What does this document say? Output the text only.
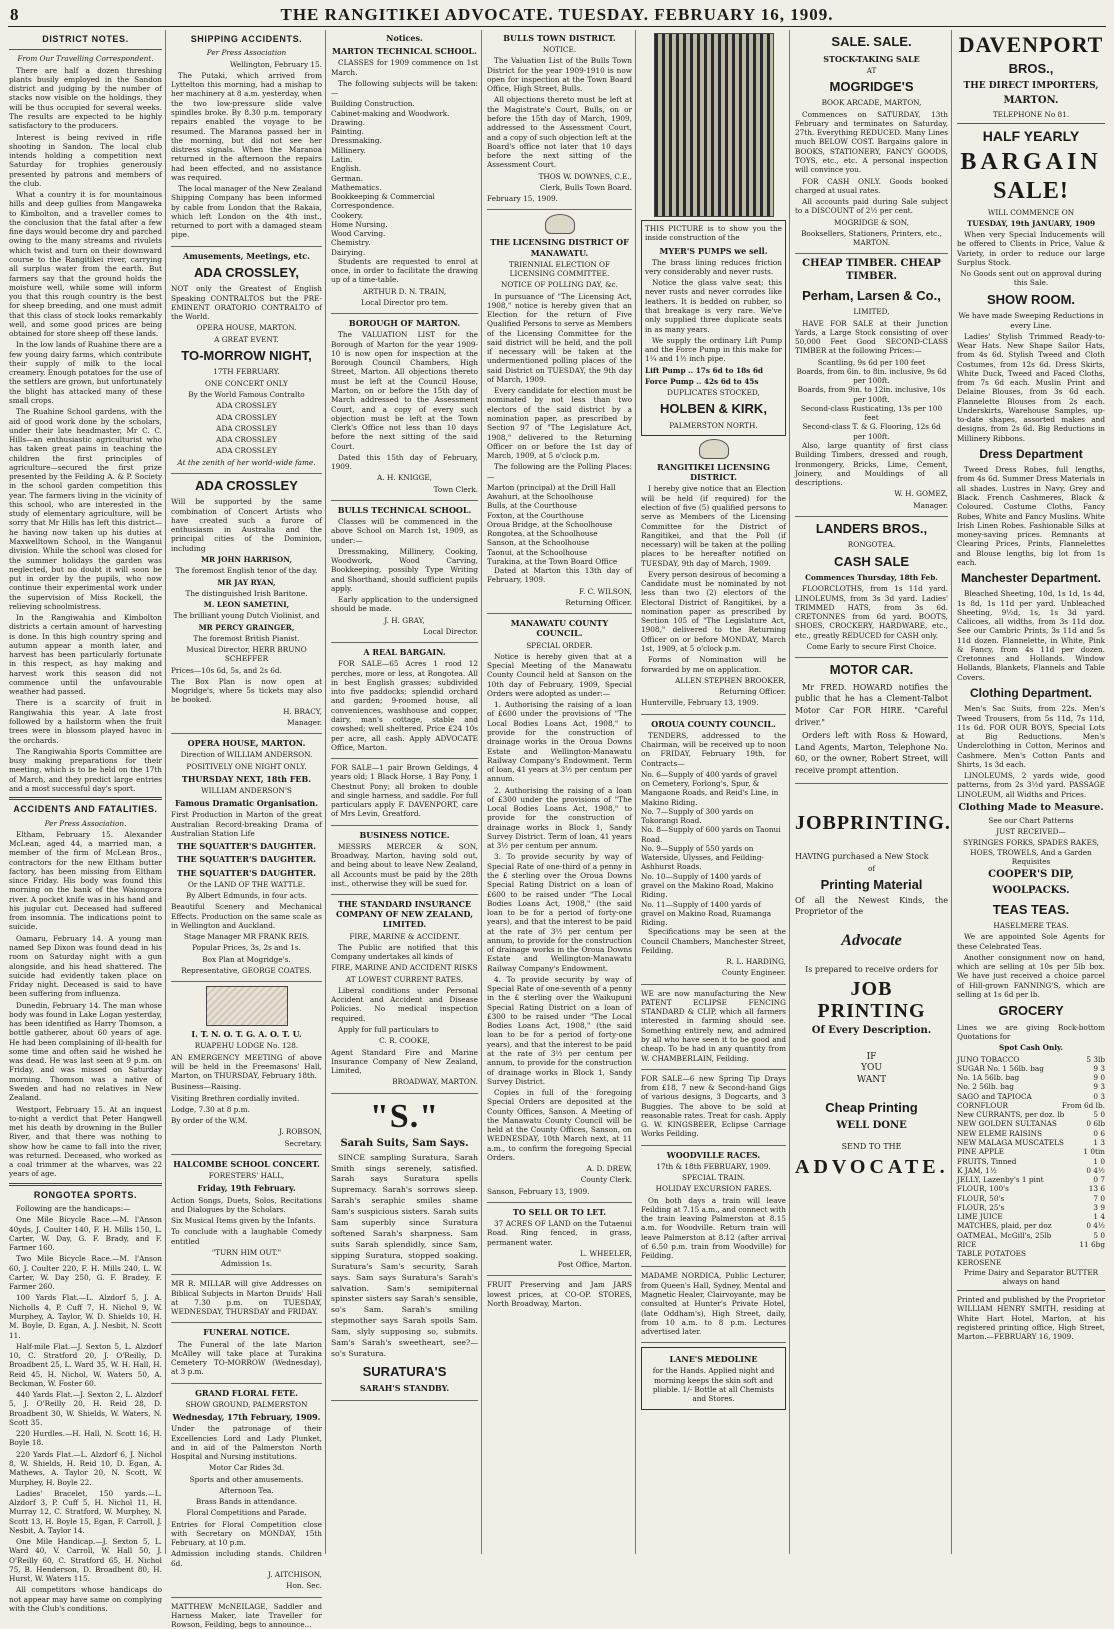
8	THE RANGITIKEI ADVOCATE. TUESDAY. FEBRUARY 16, 1909.
DISTRICT NOTES.

From Our Travelling Correspondent.

There are half a dozen threshing plants busily employed in the Sandon district and judging by the number of stacks now visible on the holdings, they will be thus occupied for several weeks. The results are expected to be highly satisfactory to the producers.

Interest is being revived in rifle shooting in Sandon. The local club intends holding a competition next Saturday for trophies generously presented by patrons and members of the club.

What a country it is for mountainous hills and deep gullies from Mangaweka to Kimbolton, and a traveller comes to the conclusion that the fatal after a few fine days would become dry and parched owing to the many streams and rivulets which twist and turn on their downward course to the Rangitikei river, carrying all surplus water from the earth. But farmers say that the ground holds the moisture well, while some will inform you that this rough country is the best for sheep breeding, and one must admit that this class of stock looks remarkably well, and some good prices are being obtained for store sheep off these lands.

In the low lands of Ruahine there are a few young dairy farms, which contribute their supply of milk to the local creamery. Enough potatoes for the use of the settlers are grown, but unfortunately the blight has attacked many of these small crops.

The Ruahine School gardens, with the aid of good work done by the scholars, under their late headmaster, Mr C. C. Hills—an enthusiastic agriculturist who has taken great pains in teaching the children the first principles of agriculture—secured the first prize presented by the Feilding A. & P. Society in the school garden competition this year. The farmers living in the vicinity of this school, who are interested in the study of elementary agriculture, will be sorry that Mr Hills has left this district—he having now taken up his duties at Maxwelltown School, in the Wanganui division. While the school was closed for the summer holidays the garden was neglected, but no doubt it will soon be put in order by the pupils, who now continue their experimental work under the supervision of Miss Rockell, the relieving schoolmistress.

In the Rangiwahia and Kimbolton districts a certain amount of harvesting is done. In this high country spring and autumn appear a month later, and harvest has been particularly fortunate in this respect, as hay making and harvest work this season did not commence until the unfavourable weather had passed.

There is a scarcity of fruit in Rangiwahia this year. A late frost followed by a hailstorm when the fruit trees were in blossom played havoc in the orchards.

The Rangiwahia Sports Committee are busy making preparations for their meeting, which is to be held on the 17th of March, and they predict large entries and a most successful day's sport.

ACCIDENTS AND FATALITIES.

Per Press Association.

Eltham, February 15. Alexander McLean, aged 44, a married man, a member of the firm of McLean Bros., contractors for the new Eltham butter factory, has been missing from Eltham since Friday. His body was found this morning on the bank of the Waiongora river. A pocket knife was in his hand and his jugular cut. Deceased had suffered from insomnia. The indications point to suicide.

Oamaru, February 14. A young man named Sep Dixon was found dead in his room on Saturday night with a gun alongside, and his head shattered. The suicide had evidently taken place on Friday night. Deceased is said to have been suffering from influenza.

Dunedin, February 14. The man whose body was found in Lake Logan yesterday, has been identified as Harry Thomson, a bottle gatherer, about 60 years of age. He had been complaining of ill-health for some time and often said he wished he was dead. He was last seen at 9 p.m. on Friday, and was missed on Saturday morning. Thomson was a native of Sweden and had no relatives in New Zealand.

Westport, February 15. At an inquest to-night a verdict that Peter Hangwell met his death by drowning in the Buller River, and that there was nothing to show how he came to fall into the river, was returned. Deceased, who worked as a coal trimmer at the wharves, was 22 years of age.

RONGOTEA SPORTS.

Following are the handicaps:—

One Mile Bicycle Race.—M. l'Anson 40yds, J. Coulter 140, F. H. Mills 150, L. Carter, W. Day, G. F. Brady, and F. Farmer 160.

Two Mile Bicycle Race.—M. l'Anson 60, J. Coulter 220, F. H. Mills 240, L. W. Carter, W. Day 250, G. F. Bradey, F. Farmer 260.

100 Yards Flat.—L. Alzdorf 5, J. A. Nicholls 4, P. Cuff 7, H. Nichol 9, W. Murphey, A. Taylor, W. D. Shields 10, H. M. Boyle, D. Egan, A. J. Nesbit, N. Scott 11.

Half-mile Flat.—J. Sexton 5, L. Alzdorf 10, C. Stratford 20, J. O'Reilly, D. Broadbent 25, L. Ward 35, W. H. Hall, H. Reid 45, H. Nichol, W. Waters 50, A. Beckman, W. Foster 60.

440 Yards Flat.—J. Sexton 2, L. Alzdorf 5, J. O'Reilly 20, H. Reid 28, D. Broadbent 30, W. Shields, W. Waters, N. Scott 35.

220 Hurdles.—H. Hall, N. Scott 16, H. Boyle 18.

220 Yards Flat.—L. Alzdorf 6, J. Nichol 8, W. Shields, H. Reid 10, D. Egan, A. Mathews, A. Taylor 20, N. Scott, W. Murphey, H. Boyle 22.

Ladies' Bracelet, 150 yards.—L. Alzdorf 3, P. Cuff 5, H. Nichol 11, H. Murray 12, C. Stratford, W. Murphey, N. Scott 13, H. Boyle 15, Egan, F. Carroll, J. Nesbit, A. Taylor 14.

One Mile Handicap.—J. Sexton 5, L. Ward 40, V. Carroll, W. Hall 50, J. O'Reilly 60, C. Stratford 65, H. Nichol 75, B. Henderson, D. Broadbent 80, H. Hurst, W. Waters 115.

All competitors whose handicaps do not appear may have same on complying with the Club's conditions.

SHIPPING ACCIDENTS.

Per Press Association

Wellington, February 15.

The Putaki, which arrived from Lyttelton this morning, had a mishap to her machinery at 8 a.m. yesterday, when the two low-pressure slide valve spindles broke. By 8.30 p.m. temporary repairs enabled the voyage to be resumed. The Maranoa passed her in the morning, but did not see her distress signals. When the Maranoa returned in the afternoon the repairs had been effected, and no assistance was required.

The local manager of the New Zealand Shipping Company has been informed by cable from London that the Rakaia, which left London on the 4th inst., returned to port with a damaged steam pipe.

Amusements, Meetings, etc.
ADA CROSSLEY,

NOT only the Greatest of English Speaking CONTRALTOS but the PRE-EMINENT ORATORIO CONTRALTO of the World.

OPERA HOUSE, MARTON.

A GREAT EVENT.

TO-MORROW NIGHT,

17TH FEBRUARY.

ONE CONCERT ONLY

By the World Famous Contralto

ADA CROSSLEY

ADA CROSSLEY

ADA CROSSLEY

ADA CROSSLEY

ADA CROSSLEY

At the zenith of her world-wide fame.

ADA CROSSLEY

Will be supported by the same combination of Concert Artists who have created such a furore of enthusiasm in Australia and the principal cities of the Dominion, including

MR JOHN HARRISON,

The foremost English tenor of the day.

MR JAY RYAN,

The distinguished Irish Baritone.

M. LEON SAMETINI,

The brilliant young Dutch Violinist, and

MR PERCY GRAINGER,

The foremost British Pianist.

Musical Director, HERR BRUNO SCHEFFER

Prices—10s 6d, 5s, and 2s 6d.

The Box Plan is now open at Mogridge's, where 5s tickets may also be booked.

H. BRACY,

Manager.

OPERA HOUSE, MARTON.

Direction of WILLIAM ANDERSON.

POSITIVELY ONE NIGHT ONLY.

THURSDAY NEXT, 18th FEB.

WILLIAM ANDERSON'S

Famous Dramatic Organisation.

First Production in Marton of the great Australian Record-breaking Drama of Australian Station Life

THE SQUATTER'S DAUGHTER.
THE SQUATTER'S DAUGHTER.
THE SQUATTER'S DAUGHTER.

Or the LAND OF THE WATTLE.

By Albert Edmunds, in four acts.

Beautiful Scenery and Mechanical Effects. Production on the same scale as in Wellington and Auckland.

Stage Manager MR FRANK REIS.

Popular Prices, 3s, 2s and 1s.

Box Plan at Mogridge's.

Representative, GEORGE COATES.

I. T. N. O. T. G. A. O. T. U.

RUAPEHU LODGE No. 128.

AN EMERGENCY MEETING of above will be held in the Freemasons' Hall, Marton, on THURSDAY, February 18th.

Business—Raising.

Visiting Brethren cordially invited.

Lodge, 7.30 at 8 p.m.

By order of the W.M.

J. ROBSON,

Secretary.

HALCOMBE SCHOOL CONCERT.

FORESTERS' HALL,

Friday, 19th February.

Action Songs, Duets, Solos, Recitations and Dialogues by the Scholars.

Six Musical Items given by the Infants.

To conclude with a laughable Comedy entitled

"TURN HIM OUT."

Admission 1s.

MR R. MILLAR will give Addresses on Biblical Subjects in Marton Druids' Hall at 7.30 p.m. on TUESDAY, WEDNESDAY, THURSDAY and FRIDAY.

FUNERAL NOTICE.

The Funeral of the late Marion McAlley will take place at Turakina Cemetery TO-MORROW (Wednesday), at 3 p.m.

GRAND FLORAL FETE.

SHOW GROUND, PALMERSTON

Wednesday, 17th February, 1909.

Under the patronage of their Excellencies Lord and Lady Plunket, and in aid of the Palmerston North Hospital and Nursing institutions.

Motor Car Rides 3d.

Sports and other amusements.

Afternoon Tea.

Brass Bands in attendance.

Floral Competitions and Parade.

Entries for Floral Competition close with Secretary on MONDAY, 15th February, at 10 p.m.

Admission including stands. Children 6d.

J. AITCHISON,

Hon. Sec.

MATTHEW McNEILAGE, Saddler and Harness Maker, late Traveller for Rowson, Feilding, begs to announce...

Notices.
MARTON TECHNICAL SCHOOL.

CLASSES for 1909 commence on 1st March.

The following subjects will be taken:—

Building Construction.
Cabinet-making and Woodwork.
Drawing.
Painting.
Dressmaking.
Millinery.
Latin.
English.
German.
Mathematics.
Bookkeeping & Commercial Correspondence.
Cookery.
Home Nursing.
Wood Carving.
Chemistry.
Dairying.

Students are requested to enrol at once, in order to facilitate the drawing up of a time-table.

ARTHUR D. N. TRAIN,

Local Director pro tem.

BOROUGH OF MARTON.

The VALUATION LIST for the Borough of Marton for the year 1909-10 is now open for inspection at the Borough Council Chambers, High Street, Marton. All objections thereto must be left at the Council House, Marton, on or before the 15th day of March addressed to the Assessment Court, and a copy of every such objection must be left at the Town Clerk's Office not less than 10 days before the next sitting of the said Court.

Dated this 15th day of February, 1909.

A. H. KNIGGE,

Town Clerk.

BULLS TECHNICAL SCHOOL.

Classes will be commenced in the above School on March 1st, 1909, as under:—

Dressmaking, Millinery, Cooking, Woodwork, Wood Carving, Bookkeeping, possibly Type Writing and Shorthand, should sufficient pupils apply.

Early application to the undersigned should be made.

J. H. GRAY,

Local Director.

A REAL BARGAIN.

FOR SALE—65 Acres 1 rood 12 perches, more or less, at Rongotea. All in best English grasses; subdivided into five paddocks; splendid orchard and garden; 9-roomed house, all conveniences, washhouse and copper, dairy, man's cottage, stable and cowshed; well sheltered. Price £24 10s per acre, all cash. Apply ADVOCATE Office, Marton.

FOR SALE—1 pair Brown Geldings, 4 years old; 1 Black Horse, 1 Bay Pony, 1 Chestnut Pony; all broken to double and single harness, and saddle. For full particulars apply F. DAVENPORT, care of Mrs Levin, Greatford.

BUSINESS NOTICE.

MESSRS MERCER & SON, Broadway, Marton, having sold out, and being about to leave New Zealand, all Accounts must be paid by the 28th inst., otherwise they will be sued for.

THE STANDARD INSURANCE COMPANY OF NEW ZEALAND, LIMITED.

FIRE, MARINE & ACCIDENT.

The Public are notified that this Company undertakes all kinds of

FIRE, MARINE AND ACCIDENT RISKS

AT LOWEST CURRENT RATES.

Liberal conditions under Personal Accident and Accident and Disease Policies. No medical inspection required.

Apply for full particulars to

C. R. COOKE,

Agent Standard Fire and Marine Insurance Company of New Zealand, Limited,

BROADWAY, MARTON.

"S."
Sarah Suits, Sam Says.

SINCE sampling Suratura, Sarah Smith sings serenely, satisfied. Sarah says Suratura spells Supremacy. Sarah's sorrows sleep. Sarah's seraphic smiles shame Sam's suspicious sisters. Sarah suits Sam superbly since Suratura softened Sarah's sharpness. Sam suits Sarah splendidly, since Sam, sipping Suratura, stopped soaking. Suratura's Sam's security, Sarah says. Sam says Suratura's Sarah's salvation. Sam's semipiternal spinster sisters say Sarah's sensible, so's Sam. Sarah's smiling stepmother says Sarah spoils Sam. Sam, slyly supposing so, submits. Sam's Sarah's sweetheart, see?—so's Suratura.

SURATURA'S
SARAH'S STANDBY.
BULLS TOWN DISTRICT.

NOTICE.

The Valuation List of the Bulls Town District for the year 1909-1910 is now open for inspection at the Town Board Office, High Street, Bulls.

All objections thereto must be left at the Magistrate's Court, Bulls, on or before the 15th day of March, 1909, addressed to the Assessment Court, and a copy of such objection left at the Board's office not later that 10 days before the next sitting of the Assessment Court.

THOS W. DOWNES, C.E.,

Clerk, Bulls Town Board.

February 15, 1909.

THE LICENSING DISTRICT OF MANAWATU.

TRIENNIAL ELECTION OF LICENSING COMMITTEE.

NOTICE OF POLLING DAY, &c.

In pursuance of "The Licensing Act, 1908," notice is hereby given that an Election for the return of Five Qualified Persons to serve as Members of the Licensing Committee for the said district will be held, and the poll if necessary will be taken at the undermentioned polling places of the said District on TUESDAY, the 9th day of March, 1909.

Every candidate for election must be nominated by not less than two electors of the said district by a nomination paper, as prescribed by Section 97 of "The Legislature Act, 1908," delivered to the Returning Officer on or before the 1st day of March, 1909, at 5 o'clock p.m.

The following are the Polling Places:—

Marton (principal) at the Drill Hall
Awahuri, at the Schoolhouse
Bulls, at the Courthouse
Foxton, at the Courthouse
Oroua Bridge, at the Schoolhouse
Rongotea, at the Schoolhouse
Sanson, at the Schoolhouse
Taonui, at the Schoolhouse
Turakina, at the Town Board Office

Dated at Marton this 13th day of February, 1909.

F. C. WILSON,

Returning Officer.

MANAWATU COUNTY COUNCIL.

SPECIAL ORDER.

Notice is hereby given that at a Special Meeting of the Manawatu County Council held at Sanson on the 10th day of February, 1909, Special Orders were adopted as under:—

1. Authorising the raising of a loan of £600 under the provisions of "The Local Bodies Loans Act, 1908," to provide for the construction of drainage works in the Oroua Downs Estate and Wellington-Manawatu Railway Company's Endowment. Term of loan, 41 years at 3½ per centum per annum.

2. Authorising the raising of a loan of £300 under the provisions of "The Local Bodies Loans Act, 1908," to provide for the construction of drainage works in Block 1, Sandy Survey District. Term of loan, 41 years at 3½ per centum per annum.

3. To provide security by way of Special Rate of one-third of a penny in the £ sterling over the Oroua Downs Special Rating District on a loan of £600 to be raised under "The Local Bodies Loans Act, 1908," (the said loan to be for a period of forty-one years), and that the interest to be paid at the rate of 3½ per centum per annum, to provide for the construction of drainage works in the Oroua Downs Estate and Wellington-Manawatu Railway Company's Endowment.

4. To provide security by way of Special Rate of one-seventh of a penny in the £ sterling over the Waikupuni Special Rating District on a loan of £300 to be raised under "The Local Bodies Loans Act, 1908," (the said loan to be for a period of forty-one years), and that the interest to be paid at the rate of 3½ per centum per annum, to provide for the construction of drainage works in Block 1, Sandy Survey District.

Copies in full of the foregoing Special Orders are deposited at the County Offices, Sanson. A Meeting of the Manawatu County Council will be held at the County Offices, Sanson, on WEDNESDAY, 10th March next, at 11 a.m., to confirm the foregoing Special Orders.

A. D. DREW,

County Clerk.

Sanson, February 13, 1909.

TO SELL OR TO LET.

37 ACRES OF LAND on the Tutaenui Road. Ring fenced, in grass, permanent water.

L. WHEELER,

Post Office, Marton.

FRUIT Preserving and Jam JARS lowest prices, at CO-OP. STORES, North Broadway, Marton.

THIS PICTURE is to show you the inside construction of the

MYER'S PUMPS we sell.

The brass lining reduces friction very considerably and never rusts.

Notice the glass valve seat; this never rusts and never corrodes like leathers. It is bedded on rubber, so that breakage is very rare. We've only supplied three duplicate seats in as many years.

We supply the ordinary Lift Pump and the Force Pump in this make for 1¼ and 1½ inch pipe.

Lift Pump .. 17s 6d to 18s 6d

Force Pump .. 42s 6d to 45s

DUPLICATES STOCKED,

HOLBEN & KIRK,

PALMERSTON NORTH.

RANGITIKEI LICENSING DISTRICT.

I hereby give notice that an Election will be held (if required) for the election of five (5) qualified persons to serve as Members of the Licensing Committee for the District of Rangitikei, and that the Poll (if necessary) will be taken at the polling places to be hereafter notified on TUESDAY, 9th day of March, 1909.

Every person desirous of becoming a Candidate must be nominated by not less than two (2) electors of the Electoral District of Rangitikei, by a nomination paper as prescribed by Section 105 of "The Legislature Act, 1908," delivered to the Returning Officer on or before MONDAY, March 1st, 1909, at 5 o'clock p.m.

Forms of Nomination will be forwarded by me on application.

ALLEN STEPHEN BROOKER,

Returning Officer.

Hunterville, February 13, 1909.

OROUA COUNTY COUNCIL.

TENDERS, addressed to the Chairman, will be received up to noon on FRIDAY, February 19th, for Contracts—

No. 6—Supply of 400 yards of gravel on Cemetery, Forlong's, Spur, & Mangaone Roads, and Reid's Line, in Makino Riding.
No. 7—Supply of 300 yards on Tokorangi Road.
No. 8—Supply of 600 yards on Taonui Road.
No. 9—Supply of 550 yards on Waterside, Ulysses, and Feilding-Ashhurst Roads.
No. 10—Supply of 1400 yards of gravel on the Makino Road, Makino Riding.
No. 11—Supply of 1400 yards of gravel on Makino Road, Ruamanga Riding.

Specifications may be seen at the Council Chambers, Manchester Street, Feilding.

R. L. HARDING,

County Engineer.

WE are now manufacturing the New PATENT ECLIPSE FENCING STANDARD & CLIP, which all farmers interested in farming should see. Something entirely new, and admired by all who have seen it to be good and cheap. To be had in any quantity from W. CHAMBERLAIN, Feilding.

FOR SALE—6 new Spring Tip Drays from £18, 7 new & Second-hand Gigs of various designs, 3 Dogcarts, and 3 Buggies. The above to be sold at reasonable rates. Treat for cash. Apply G. W. KINGSBEER, Eclipse Carriage Works Feilding.

WOODVILLE RACES.

17th & 18th FEBRUARY, 1909.

SPECIAL TRAIN.

HOLIDAY EXCURSION FARES.

On both days a train will leave Feilding at 7.15 a.m., and connect with the train leaving Palmerston at 8.15 a.m. for Woodville. Return train will leave Palmerston at 8.12 (after arrival of 6.50 p.m. train from Woodville) for Feilding.

MADAME NORDICA, Public Lecturer, from Queen's Hall, Sydney, Mental and Magnetic Healer, Clairvoyante, may be consulted at Hunter's Private Hotel, (late Oddham's), High Street, daily, from 10 a.m. to 8 p.m. Lectures advertised later.

LANE'S MEDOLINE

for the Hands. Applied night and morning keeps the skin soft and pliable. 1/- Bottle at all Chemists and Stores.

SALE. SALE.
STOCK-TAKING SALE

AT

MOGRIDGE'S

BOOK ARCADE, MARTON,

Commences on SATURDAY, 13th February and terminates on Saturday, 27th. Everything REDUCED. Many Lines much BELOW COST. Bargains galore in BOOKS, STATIONERY, FANCY GOODS, TOYS, etc., etc. A personal inspection will convince you.

FOR CASH ONLY. Goods booked charged at usual rates.

All accounts paid during Sale subject to a DISCOUNT of 2½ per cent.

MOGRIDGE & SON,

Booksellers, Stationers, Printers, etc., MARTON.

CHEAP TIMBER. CHEAP TIMBER.
Perham, Larsen & Co.,

LIMITED,

HAVE FOR SALE at their Junction Yards, a Large Stock consisting of over 50,000 Feet Good SECOND-CLASS TIMBER at the following Prices:—

Scantling, 9s 6d per 100 feet
Boards, from 6in. to 8in. inclusive, 9s 6d per 100ft.
Boards, from 9in. to 12in. inclusive, 10s per 100ft.
Second-class Rusticating, 13s per 100 feet
Second-class T. & G. Flooring, 12s 6d per 100ft.

Also, large quantity of first class Building Timbers, dressed and rough, Ironmongery, Bricks, Lime, Cement, Joinery, and Mouldings of all descriptions.

W. H. GOMEZ,

Manager.

LANDERS BROS.,

RONGOTEA.

CASH SALE

Commences Thursday, 18th Feb.

FLOORCLOTHS, from 1s 11d yard. LINOLEUMS, from 3s 3d yard. Ladies' TRIMMED HATS, from 3s 6d. CRETONNES from 6d yard. BOOTS, SHOES, CROCKERY, HARDWARE, etc., etc., greatly REDUCED for CASH only.

Come Early to secure First Choice.

MOTOR CAR.

Mr FRED. HOWARD notifies the public that he has a Clement-Talbot Motor Car FOR HIRE. "Careful driver."

Orders left with Ross & Howard, Land Agents, Marton, Telephone No. 60, or the owner, Robert Street, will receive prompt attention.

JOBPRINTING.

HAVING purchased a New Stock

of

Printing Material

Of all the Newest Kinds, the Proprietor of the

Advocate

Is prepared to receive orders for

JOB PRINTING
Of Every Description.

IF

YOU

WANT

Cheap Printing
WELL DONE

SEND TO THE

ADVOCATE.
DAVENPORT
BROS.,
THE DIRECT IMPORTERS,
MARTON.

TELEPHONE No 81.

HALF YEARLY
BARGAIN
SALE!

WILL COMMENCE ON

TUESDAY, 19th JANUARY, 1909

When very Special Inducements will be offered to Clients in Price, Value & Variety, in order to reduce our large Surplus Stock.

No Goods sent out on approval during this Sale.

SHOW ROOM.

We have made Sweeping Reductions in every Line.

Ladies' Stylish Trimmed Ready-to-Wear Hats. New Shape Sailor Hats, from 4s 6d. Stylish Tweed and Cloth Costumes, from 12s 6d. Dress Skirts, White Duck, Tweed and Faced Cloths, from 7s 6d each. Muslin Print and Delaine Blouses, from 3s 6d each. Flannelette Blouses from 2s each. Underskirts, Warehouse Samples, up-to-date shapes, assorted makes and designs, from 2s 6d. Big Reductions in Millinery Ribbons.

Dress Department

Tweed Dress Robes, full lengths, from 4s 6d. Summer Dress Materials in all shades. Lustres in Navy, Grey and Black. French Cashmeres, Black & Coloured. Costume Cloths, Fancy Robes, White and Fancy Muslins. White Irish Linen Robes. Fashionable Silks at money-saving prices. Remnants at Clearing Prices, Prints, Flannelettes and Blouse lengths, big lot from 1s each.

Manchester Department.

Bleached Sheeting, 10d, 1s 1d, 1s 4d, 1s 8d, 1s 11d per yard. Unbleached Sheeting, 9½d, 1s, 1s 3d yard. Calicoes, all widths, from 3s 11d doz. See our Cambric Prints, 3s 11d and 5s 11d dozen. Flannelette, in White, Pink & Fancy, from 4s 11d per dozen. Cretonnes and Hollands. Window Hollands, Blankets, Flannels and Table Covers.

Clothing Department.

Men's Sac Suits, from 22s. Men's Tweed Trousers, from 5s 11d, 7s 11d, 11s 6d. FOR OUR BOYS, Special Lots at Big Reductions. Men's Underclothing in Cotton, Merinos and Cashmere. Men's Cotton Pants and Shirts, 1s 3d each.

LINOLEUMS, 2 yards wide, good patterns, from 2s 3½d yard. PASSAGE LINOLEUM, all Widths and Prices.

Clothing Made to Measure.

See our Chart Patterns

JUST RECEIVED—

SYRINGES FORKS, SPADES RAKES, HOES, TROWELS, And a Garden Requisites

COOPER'S DIP,
WOOLPACKS.
TEAS TEAS.

HASELMERE TEAS.

We are appointed Sole Agents for these Celebrated Teas.

Another consignment now on hand, which are selling at 10s per 5lb box. We have just received a choice parcel of Hill-grown FANNING'S, which are selling at 1s 6d per lb.

GROCERY

Lines we are giving Rock-bottom Quotations for

Spot Cash Only.

JUNO TOBACCO	5 3lb
SUGAR No. 1 56lb. bag	9 3
No. 1A 56lb. bag	9 0
No. 2 56lb. bag	9 3
SAGO and TAPIOCA	0 3
CORNFLOUR	From 6d lb.
New CURRANTS, per doz. lb	5 0
NEW GOLDEN SULTANAS	0 6lb
NEW ELEME RAISINS	0 6
NEW MALAGA MUSCATELS	1 3
PINE APPLE	1 0tin
FRUITS, Tinned	1 0
K JAM, 1½	0 4½
JELLY, Lazenby's 1 pint	0 7
FLOUR, 100's	13 6
FLOUR, 50's	7 0
FLOUR, 25's	3 9
LIME JUICE	1 4
MATCHES, plaid, per doz	0 4½
OATMEAL, McGill's, 25lb	5 0
RICE	11 6bg
TABLE POTATOES
KEROSENE

Prime Dairy and Separator BUTTER always on hand

Printed and published by the Proprietor WILLIAM HENRY SMITH, residing at White Hart Hotel, Marton, at his registered printing office, High Street, Marton.—FEBRUARY 16, 1909.
